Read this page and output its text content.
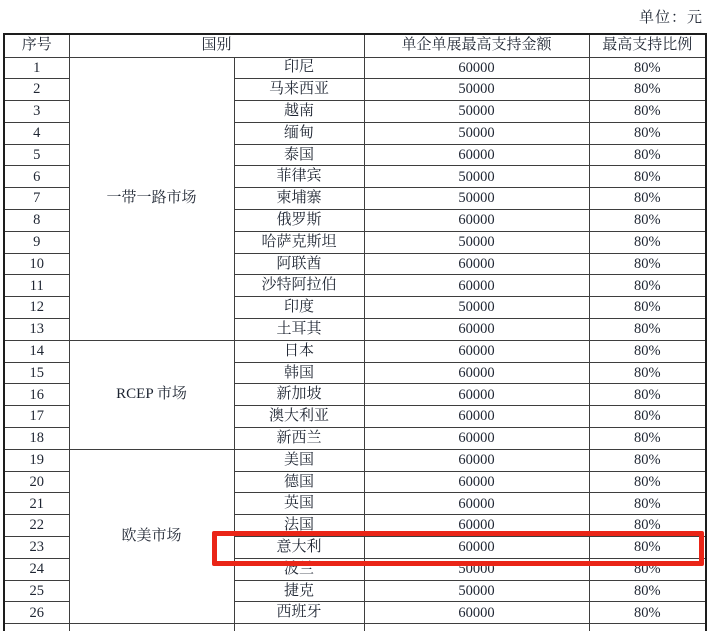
单位：元
序号	国别		单企单展最高支持金额	最高支持比例
1	一带一路市场	印尼	60000	80%
2		马来西亚	50000	80%
3		越南	50000	80%
4		缅甸	50000	80%
5		泰国	60000	80%
6		菲律宾	50000	80%
7		柬埔寨	50000	80%
8		俄罗斯	60000	80%
9		哈萨克斯坦	50000	80%
10		阿联酋	60000	80%
11		沙特阿拉伯	60000	80%
12		印度	50000	80%
13		土耳其	60000	80%
14	RCEP 市场	日本	60000	80%
15		韩国	60000	80%
16		新加坡	60000	80%
17		澳大利亚	60000	80%
18		新西兰	60000	80%
19	欧美市场	美国	60000	80%
20		德国	60000	80%
21		英国	60000	80%
22		法国	60000	80%
23		意大利	60000	80%
24		波兰	50000	80%
25		捷克	50000	80%
26		西班牙	60000	80%
